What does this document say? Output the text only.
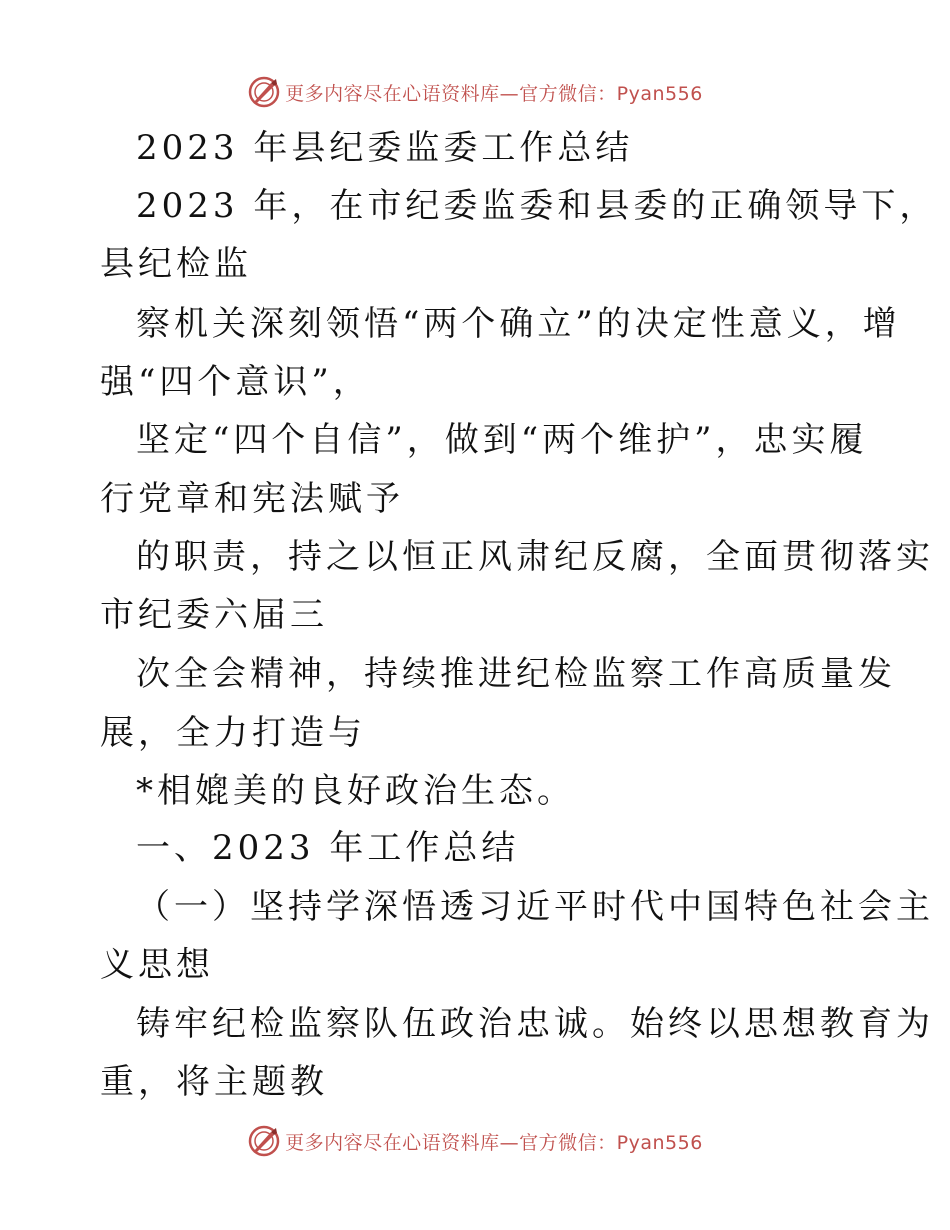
更多内容尽在心语资料库—官方微信：Pyan556
2023 年县纪委监委工作总结
2023 年，在市纪委监委和县委的正确领导下，
县纪检监
察机关深刻领悟“两个确立”的决定性意义，增
强“四个意识”，
坚定“四个自信”，做到“两个维护”，忠实履
行党章和宪法赋予
的职责，持之以恒正风肃纪反腐，全面贯彻落实
市纪委六届三
次全会精神，持续推进纪检监察工作高质量发
展，全力打造与
*相媲美的良好政治生态。
一、2023 年工作总结
（一）坚持学深悟透习近平时代中国特色社会主
义思想
铸牢纪检监察队伍政治忠诚。始终以思想教育为
重，将主题教
更多内容尽在心语资料库—官方微信：Pyan556
